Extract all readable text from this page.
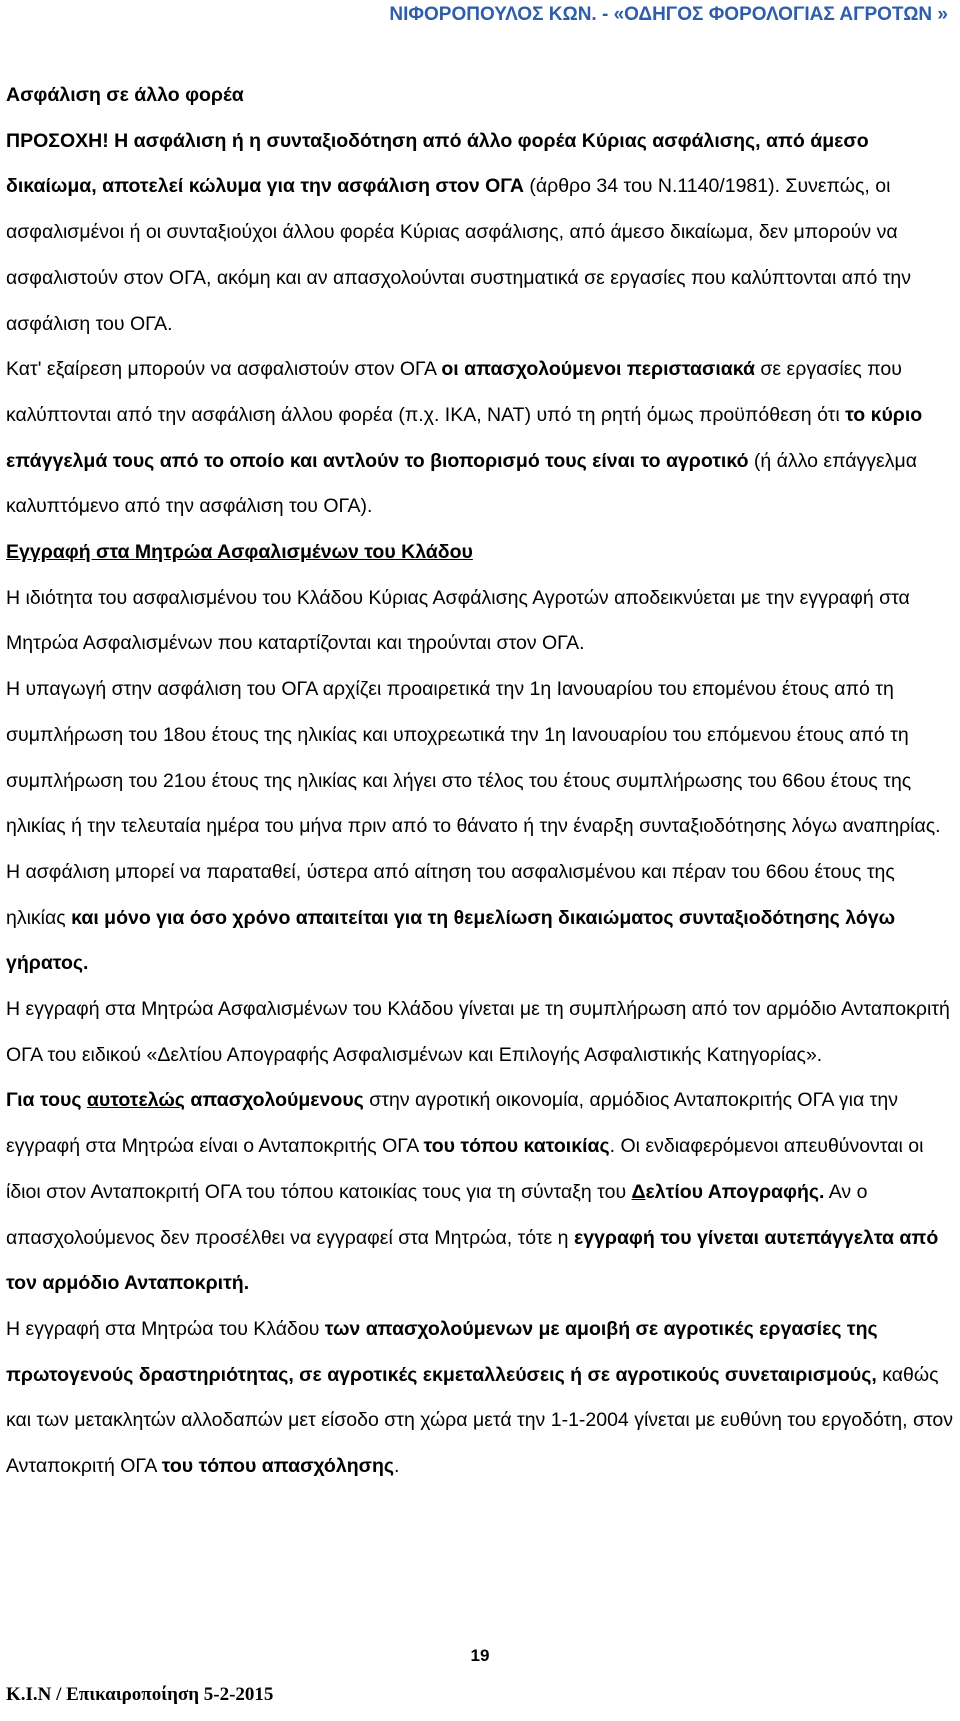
ΝΙΦΟΡΟΠΟΥΛΟΣ ΚΩΝ. - «ΟΔΗΓΟΣ ΦΟΡΟΛΟΓΙΑΣ ΑΓΡΟΤΩΝ »

Ασφάλιση σε άλλο φορέα

ΠΡΟΣΟΧΗ! Η ασφάλιση ή η συνταξιοδότηση από άλλο φορέα Κύριας ασφάλισης, από άμεσο δικαίωμα, αποτελεί κώλυμα για την ασφάλιση στον ΟΓΑ (άρθρο 34 του Ν.1140/1981). Συνεπώς, οι ασφαλισμένοι ή οι συνταξιούχοι άλλου φορέα Κύριας ασφάλισης, από άμεσο δικαίωμα, δεν μπορούν να ασφαλιστούν στον ΟΓΑ, ακόμη και αν απασχολούνται συστηματικά σε εργασίες που καλύπτονται από την ασφάλιση του ΟΓΑ.

Κατ' εξαίρεση μπορούν να ασφαλιστούν στον ΟΓΑ οι απασχολούμενοι περιστασιακά σε εργασίες που καλύπτονται από την ασφάλιση άλλου φορέα (π.χ. ΙΚΑ, ΝΑΤ) υπό τη ρητή όμως προϋπόθεση ότι το κύριο επάγγελμά τους από το οποίο και αντλούν το βιοπορισμό τους είναι το αγροτικό (ή άλλο επάγγελμα καλυπτόμενο από την ασφάλιση του ΟΓΑ).

Εγγραφή στα Μητρώα Ασφαλισμένων του Κλάδου

Η ιδιότητα του ασφαλισμένου του Κλάδου Κύριας Ασφάλισης Αγροτών αποδεικνύεται με την εγγραφή στα Μητρώα Ασφαλισμένων που καταρτίζονται και τηρούνται στον ΟΓΑ.

Η υπαγωγή στην ασφάλιση του ΟΓΑ αρχίζει προαιρετικά την 1η Ιανουαρίου του επομένου έτους από τη συμπλήρωση του 18ου έτους της ηλικίας και υποχρεωτικά την 1η Ιανουαρίου του επόμενου έτους από τη συμπλήρωση του 21ου έτους της ηλικίας και λήγει στο τέλος του έτους συμπλήρωσης του 66ου έτους της ηλικίας ή την τελευταία ημέρα του μήνα πριν από το θάνατο ή την έναρξη συνταξιοδότησης λόγω αναπηρίας. Η ασφάλιση μπορεί να παραταθεί, ύστερα από αίτηση του ασφαλισμένου και πέραν του 66ου έτους της ηλικίας και μόνο για όσο χρόνο απαιτείται για τη θεμελίωση δικαιώματος συνταξιοδότησης λόγω γήρατος.

Η εγγραφή στα Μητρώα Ασφαλισμένων του Κλάδου γίνεται με τη συμπλήρωση από τον αρμόδιο Ανταποκριτή ΟΓΑ του ειδικού «Δελτίου Απογραφής Ασφαλισμένων και Επιλογής Ασφαλιστικής Κατηγορίας».

Για τους αυτοτελώς απασχολούμενους στην αγροτική οικονομία, αρμόδιος Ανταποκριτής ΟΓΑ για την εγγραφή στα Μητρώα είναι ο Ανταποκριτής ΟΓΑ του τόπου κατοικίας. Οι ενδιαφερόμενοι απευθύνονται οι ίδιοι στον Ανταποκριτή ΟΓΑ του τόπου κατοικίας τους για τη σύνταξη του Δελτίου Απογραφής. Αν ο απασχολούμενος δεν προσέλθει να εγγραφεί στα Μητρώα, τότε η εγγραφή του γίνεται αυτεπάγγελτα από τον αρμόδιο Ανταποκριτή.

Η εγγραφή στα Μητρώα του Κλάδου των απασχολούμενων με αμοιβή σε αγροτικές εργασίες της πρωτογενούς δραστηριότητας, σε αγροτικές εκμεταλλεύσεις ή σε αγροτικούς συνεταιρισμούς, καθώς και των μετακλητών αλλοδαπών μετ είσοδο στη χώρα μετά την 1-1-2004 γίνεται με ευθύνη του εργοδότη, στον Ανταποκριτή ΟΓΑ του τόπου απασχόλησης.

19
Κ.Ι.Ν / Επικαιροποίηση 5-2-2015
